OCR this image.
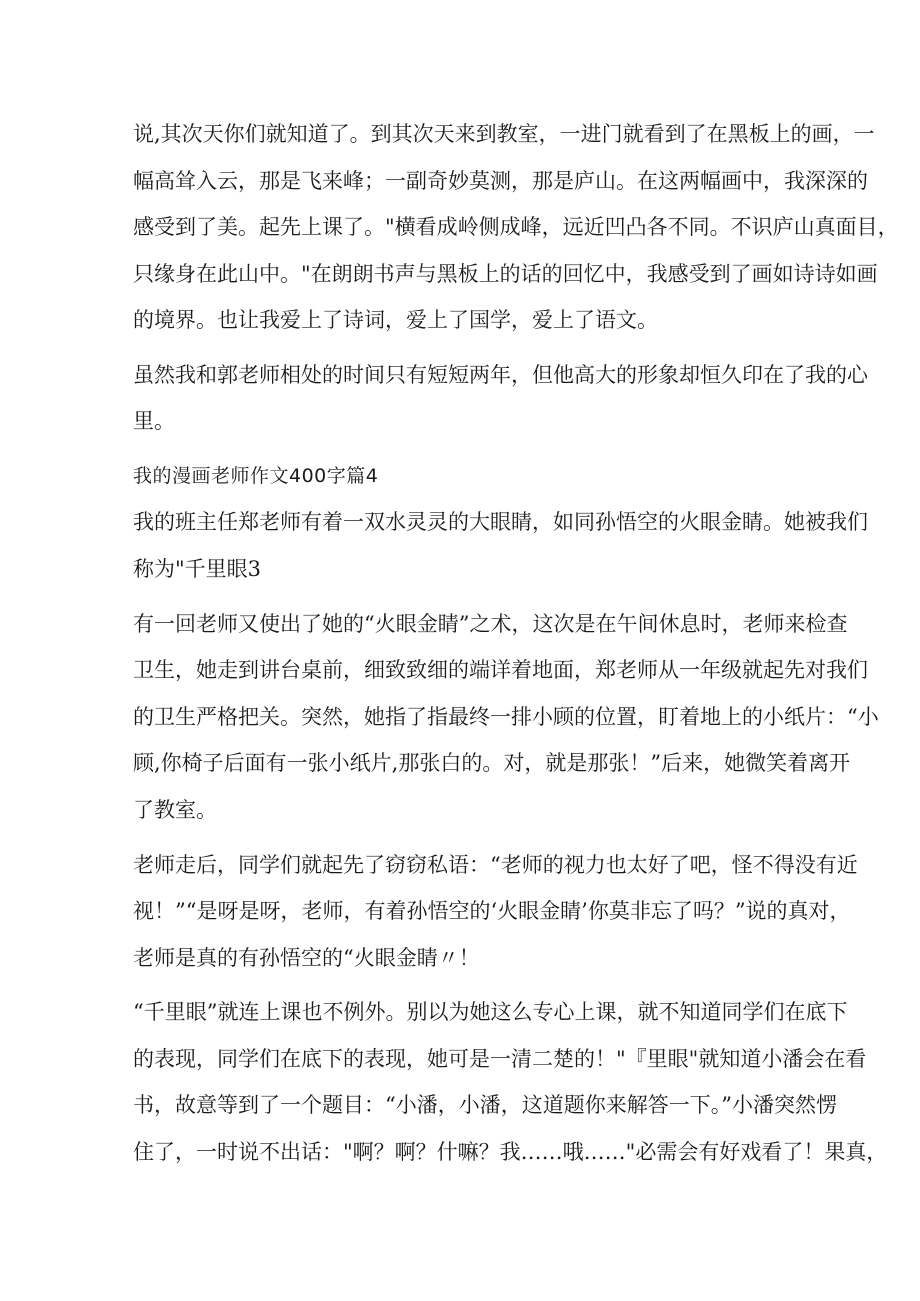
说,其次天你们就知道了。到其次天来到教室，一进门就看到了在黑板上的画，一
幅高耸入云，那是飞来峰；一副奇妙莫测，那是庐山。在这两幅画中，我深深的
感受到了美。起先上课了。"横看成岭侧成峰，远近凹凸各不同。不识庐山真面目，
只缘身在此山中。"在朗朗书声与黑板上的话的回忆中，我感受到了画如诗诗如画
的境界。也让我爱上了诗词，爱上了国学，爱上了语文。
虽然我和郭老师相处的时间只有短短两年，但他高大的形象却恒久印在了我的心
里。
我的漫画老师作文400字篇4
我的班主任郑老师有着一双水灵灵的大眼睛，如同孙悟空的火眼金睛。她被我们
称为"千里眼3
有一回老师又使出了她的“火眼金睛”之术，这次是在午间休息时，老师来检查
卫生，她走到讲台桌前，细致致细的端详着地面，郑老师从一年级就起先对我们
的卫生严格把关。突然，她指了指最终一排小顾的位置，盯着地上的小纸片：“小
顾,你椅子后面有一张小纸片,那张白的。对，就是那张！”后来，她微笑着离开
了教室。
老师走后，同学们就起先了窃窃私语：“老师的视力也太好了吧，怪不得没有近
视！”“是呀是呀，老师，有着孙悟空的‘火眼金睛’你莫非忘了吗？”说的真对，
老师是真的有孙悟空的“火眼金睛〃！
“千里眼”就连上课也不例外。别以为她这么专心上课，就不知道同学们在底下
的表现，同学们在底下的表现，她可是一清二楚的！"『里眼"就知道小潘会在看
书，故意等到了一个题目：“小潘，小潘，这道题你来解答一下。”小潘突然愣
住了，一时说不出话："啊？啊？什嘛？我……哦……"必需会有好戏看了！果真，
